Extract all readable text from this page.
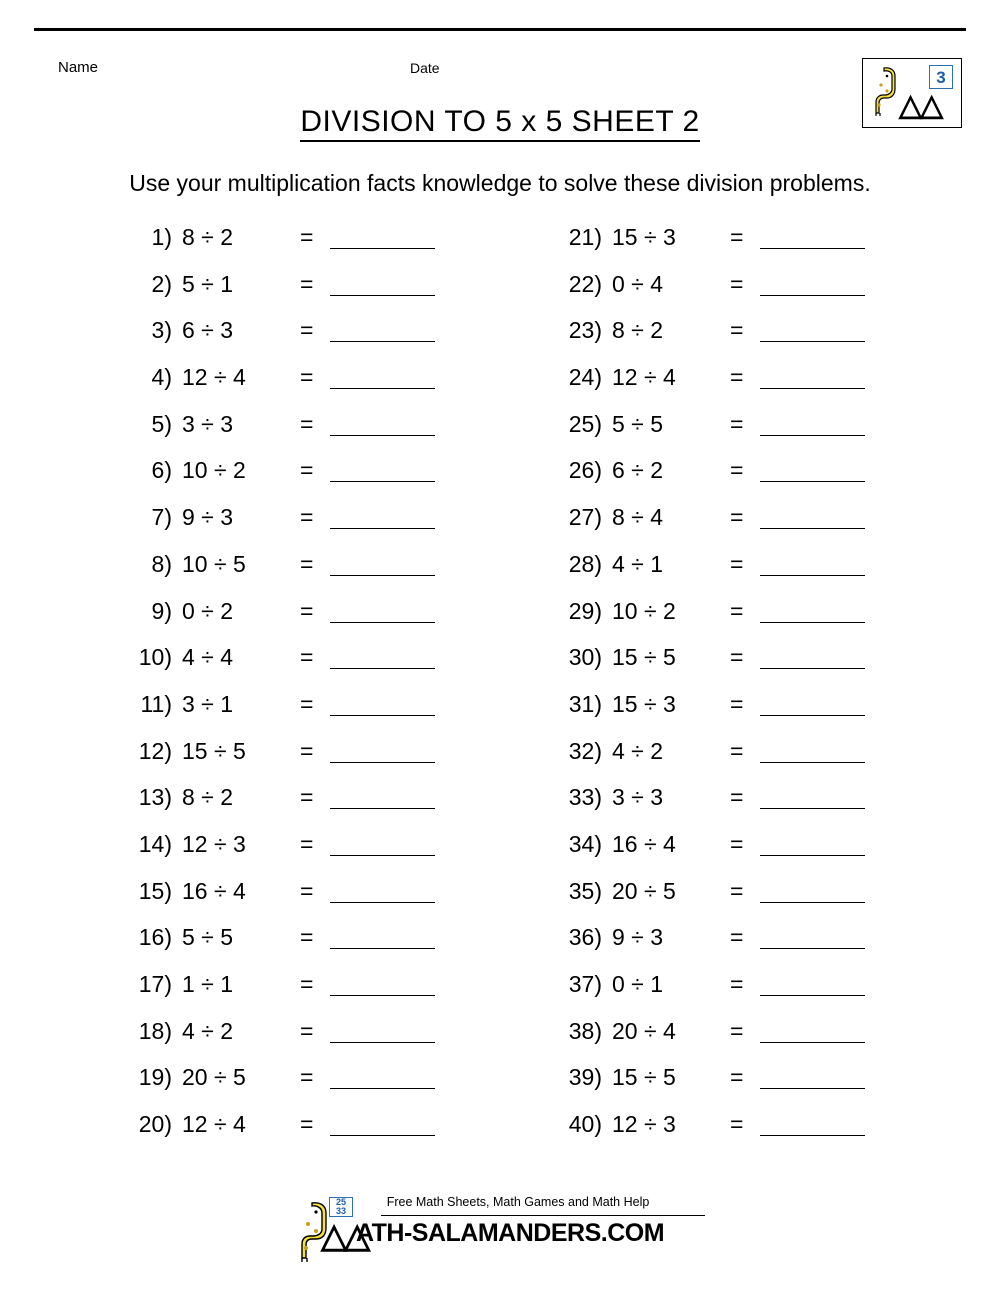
Name	Date	3
△△
DIVISION TO 5 x 5 SHEET 2
Use your multiplication facts knowledge to solve these division problems.
1) 8 ÷ 2	=
2) 5 ÷ 1	=
3) 6 ÷ 3	=
4) 12 ÷ 4	=
5) 3 ÷ 3	=
6) 10 ÷ 2	=
7) 9 ÷ 3	=
8) 10 ÷ 5	=
9) 0 ÷ 2	=
10) 4 ÷ 4	=
11) 3 ÷ 1	=
12) 15 ÷ 5	=
13) 8 ÷ 2	=
14) 12 ÷ 3	=
15) 16 ÷ 4	=
16) 5 ÷ 5	=
17) 1 ÷ 1	=
18) 4 ÷ 2	=
19) 20 ÷ 5	=
20) 12 ÷ 4	=
21) 15 ÷ 3	=
22) 0 ÷ 4	=
23) 8 ÷ 2	=
24) 12 ÷ 4	=
25) 5 ÷ 5	=
26) 6 ÷ 2	=
27) 8 ÷ 4	=
28) 4 ÷ 1	=
29) 10 ÷ 2	=
30) 15 ÷ 5	=
31) 15 ÷ 3	=
32) 4 ÷ 2	=
33) 3 ÷ 3	=
34) 16 ÷ 4	=
35) 20 ÷ 5	=
36) 9 ÷ 3	=
37) 0 ÷ 1	=
38) 20 ÷ 4	=
39) 15 ÷ 5	=
40) 12 ÷ 3	=
25
33
Free Math Sheets, Math Games and Math Help
△△
ATH-SALAMANDERS.COM
